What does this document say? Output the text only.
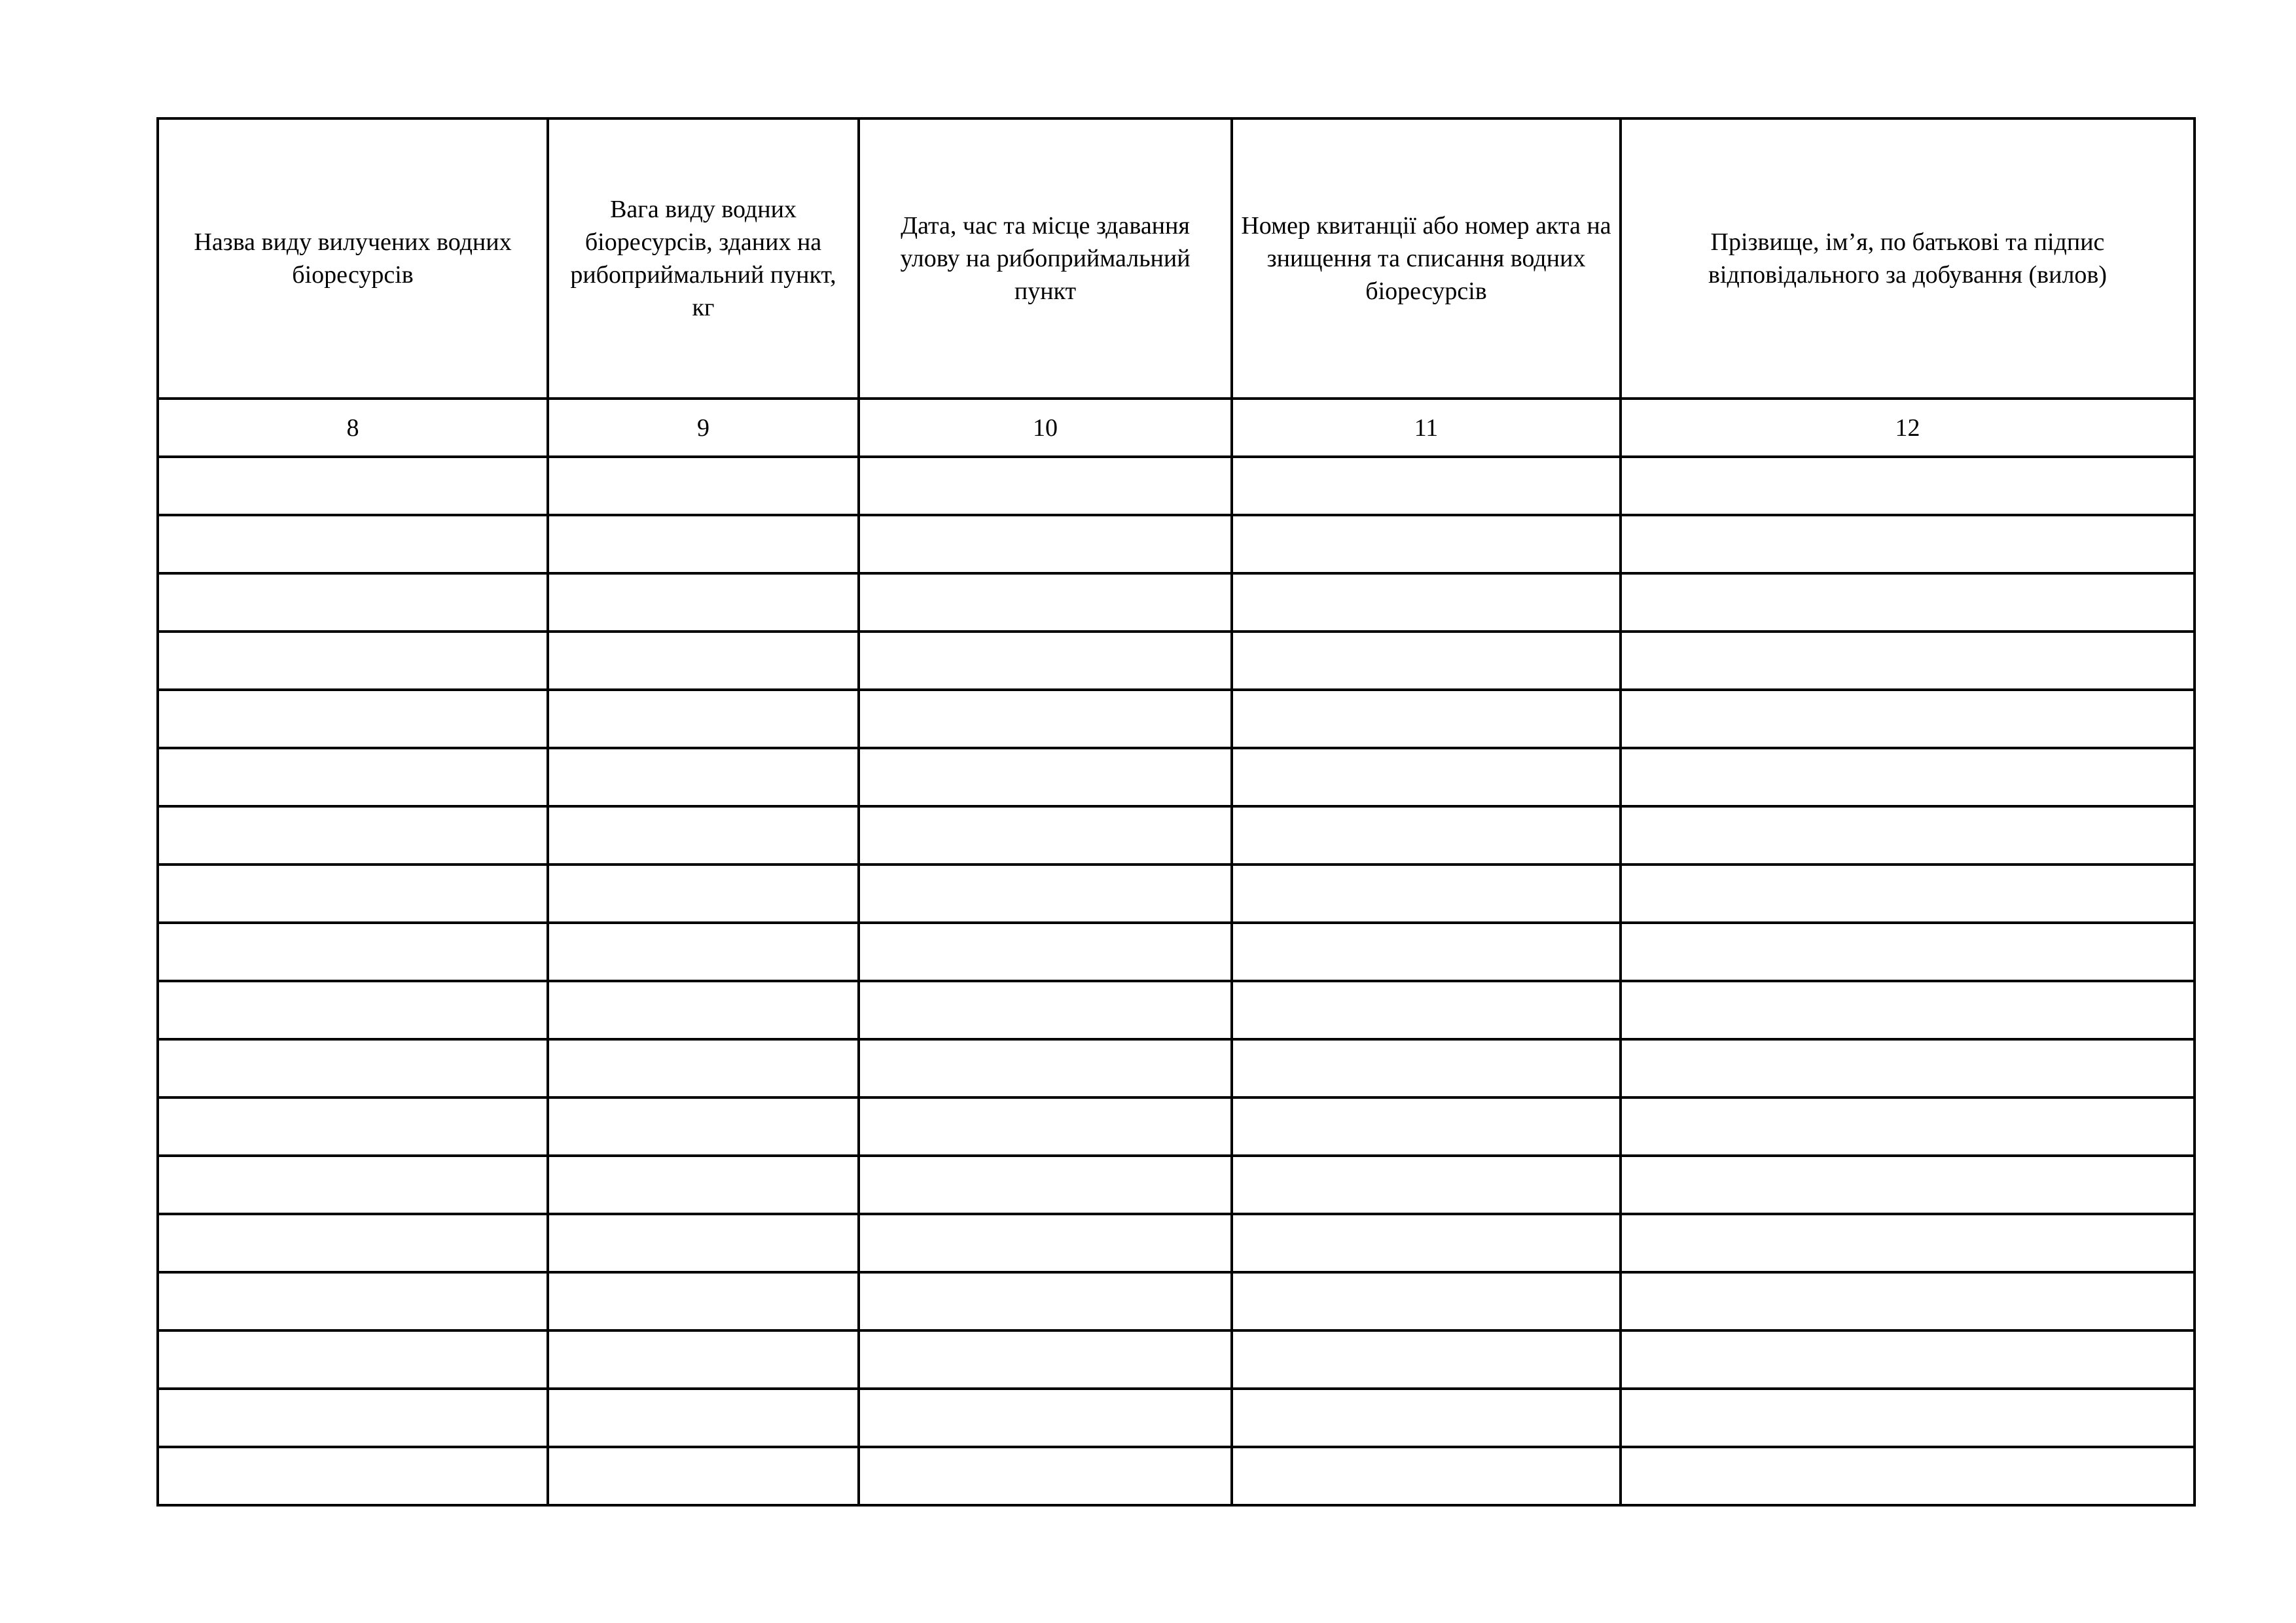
Назва виду вилучених водних біоресурсів	Вага виду водних біоресурсів, зданих на рибоприймальний пункт, кг	Дата, час та місце здавання улову на рибоприймальний пункт	Номер квитанції або номер акта на знищення та списання водних біоресурсів	Прізвище, ім’я, по батькові та підпис відповідального за добування (вилов)
8	9	10	11	12
